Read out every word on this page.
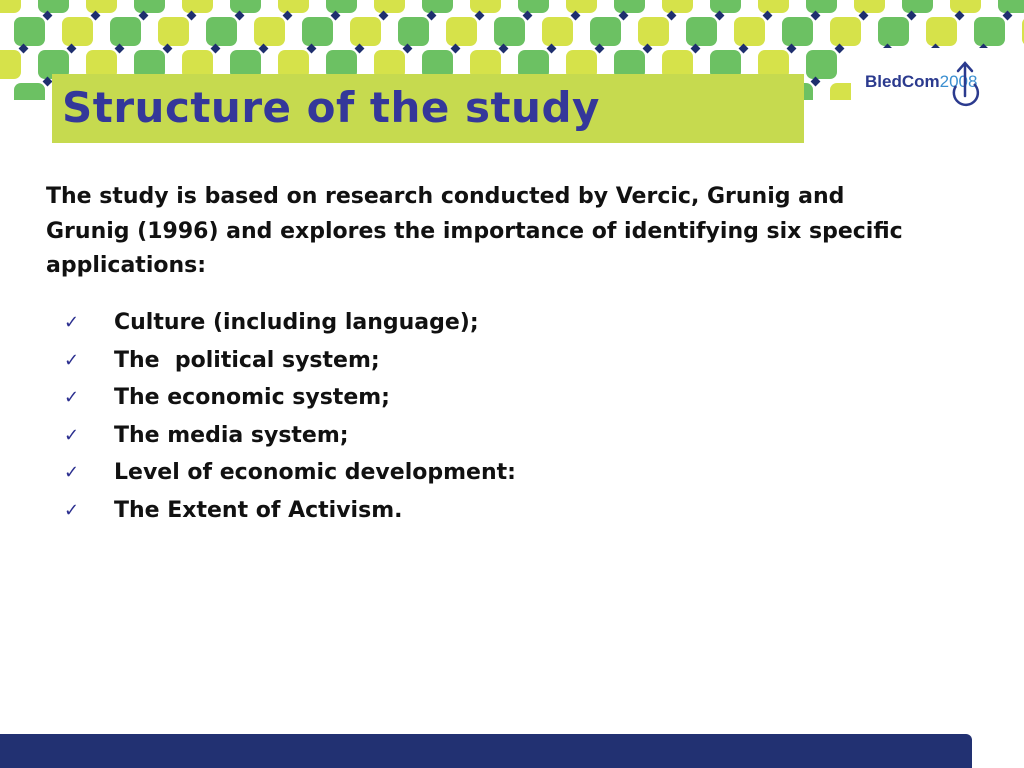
Structure of the study
BledCom2008

The study is based on research conducted by Vercic, Grunig and Grunig (1996) and explores the importance of identifying six specific applications:

✓	Culture (including language);
✓	The  political system;
✓	The economic system;
✓	The media system;
✓	Level of economic development:
✓	The Extent of Activism.
